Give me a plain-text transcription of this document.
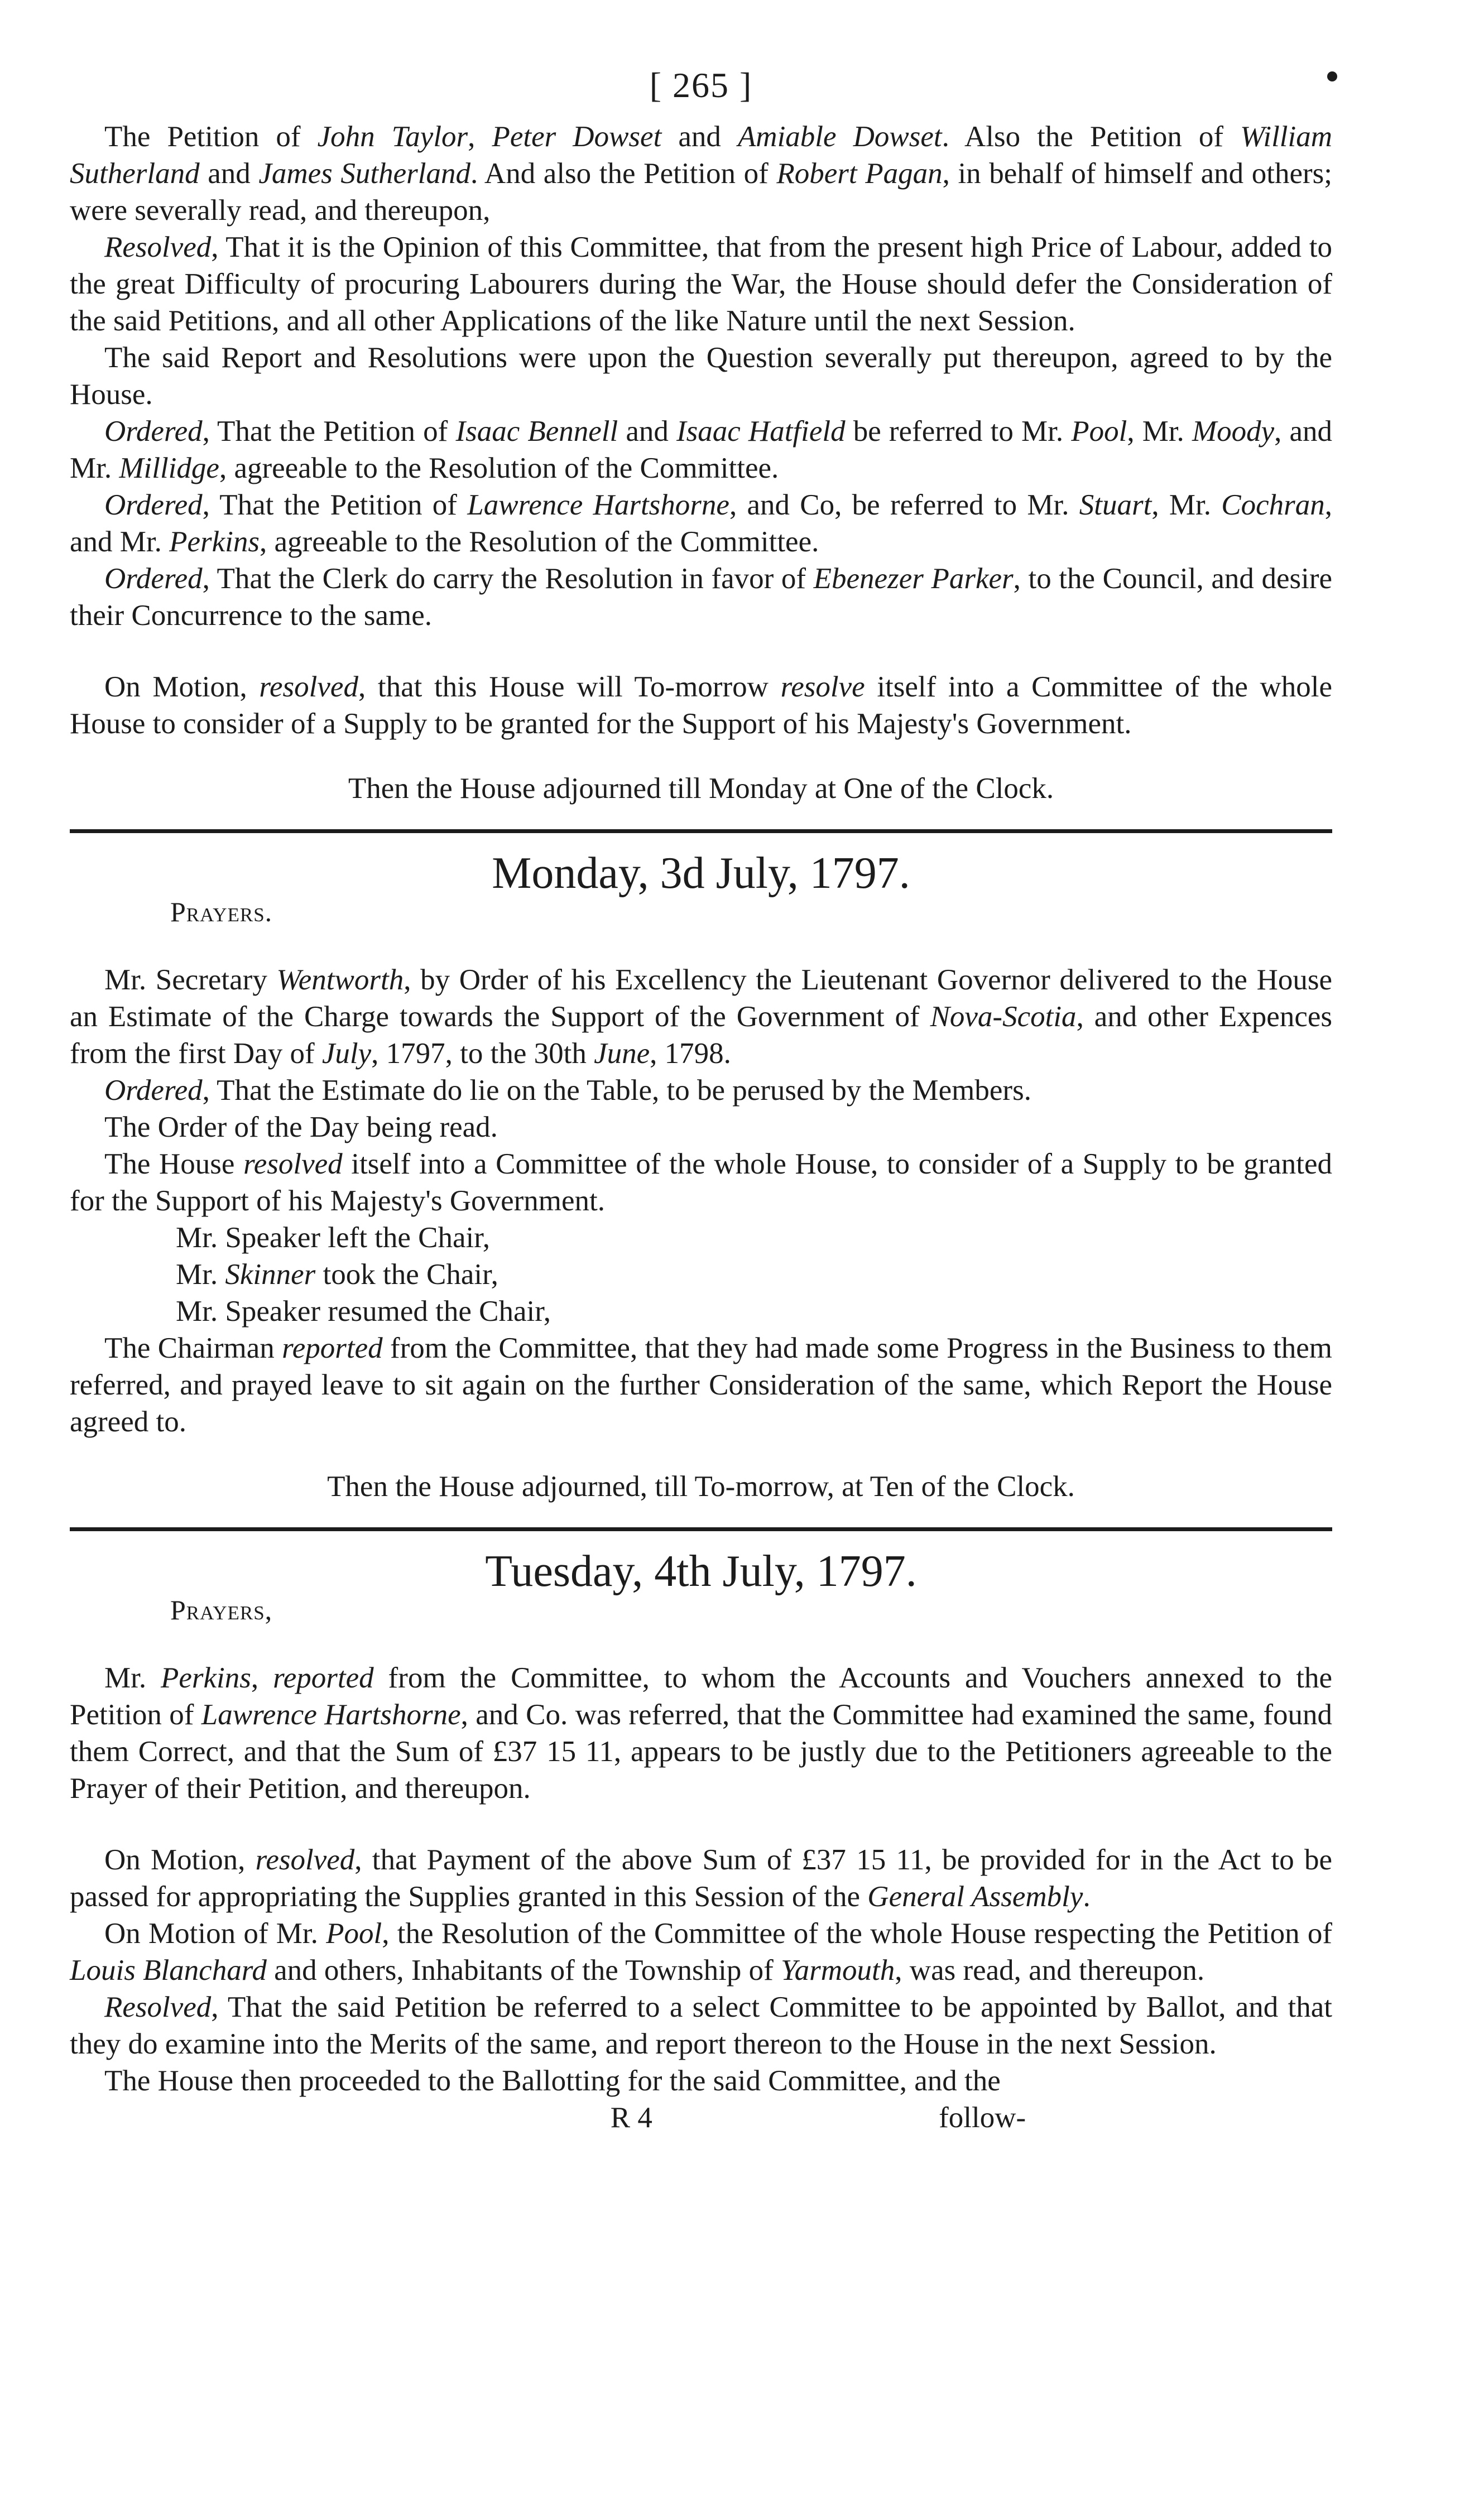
[ 265 ]

The Petition of John Taylor, Peter Dowset and Amiable Dowset. Also the Petition of William Sutherland and James Sutherland. And also the Petition of Robert Pagan, in behalf of himself and others; were severally read, and thereupon,

Resolved, That it is the Opinion of this Committee, that from the present high Price of Labour, added to the great Difficulty of procuring Labourers during the War, the House should defer the Consideration of the said Petitions, and all other Applications of the like Nature until the next Session.

The said Report and Resolutions were upon the Question severally put thereupon, agreed to by the House.

Ordered, That the Petition of Isaac Bennell and Isaac Hatfield be referred to Mr. Pool, Mr. Moody, and Mr. Millidge, agreeable to the Resolution of the Committee.

Ordered, That the Petition of Lawrence Hartshorne, and Co, be referred to Mr. Stuart, Mr. Cochran, and Mr. Perkins, agreeable to the Resolution of the Committee.

Ordered, That the Clerk do carry the Resolution in favor of Ebenezer Parker, to the Council, and desire their Concurrence to the same.

On Motion, resolved, that this House will To-morrow resolve itself into a Committee of the whole House to consider of a Supply to be granted for the Support of his Majesty's Government.

Then the House adjourned till Monday at One of the Clock.

Monday, 3d July, 1797.
Prayers.

Mr. Secretary Wentworth, by Order of his Excellency the Lieutenant Governor delivered to the House an Estimate of the Charge towards the Support of the Government of Nova-Scotia, and other Expences from the first Day of July, 1797, to the 30th June, 1798.

Ordered, That the Estimate do lie on the Table, to be perused by the Members.

The Order of the Day being read.

The House resolved itself into a Committee of the whole House, to consider of a Supply to be granted for the Support of his Majesty's Government.

Mr. Speaker left the Chair,

Mr. Skinner took the Chair,

Mr. Speaker resumed the Chair,

The Chairman reported from the Committee, that they had made some Progress in the Business to them referred, and prayed leave to sit again on the further Consideration of the same, which Report the House agreed to.

Then the House adjourned, till To-morrow, at Ten of the Clock.

Tuesday, 4th July, 1797.
Prayers,

Mr. Perkins, reported from the Committee, to whom the Accounts and Vouchers annexed to the Petition of Lawrence Hartshorne, and Co. was referred, that the Committee had examined the same, found them Correct, and that the Sum of £37 15 11, appears to be justly due to the Petitioners agreeable to the Prayer of their Petition, and thereupon.

On Motion, resolved, that Payment of the above Sum of £37 15 11, be provided for in the Act to be passed for appropriating the Supplies granted in this Session of the General Assembly.

On Motion of Mr. Pool, the Resolution of the Committee of the whole House respecting the Petition of Louis Blanchard and others, Inhabitants of the Township of Yarmouth, was read, and thereupon.

Resolved, That the said Petition be referred to a select Committee to be appointed by Ballot, and that they do examine into the Merits of the same, and report thereon to the House in the next Session.

The House then proceeded to the Ballotting for the said Committee, and the

R 4	follow-
